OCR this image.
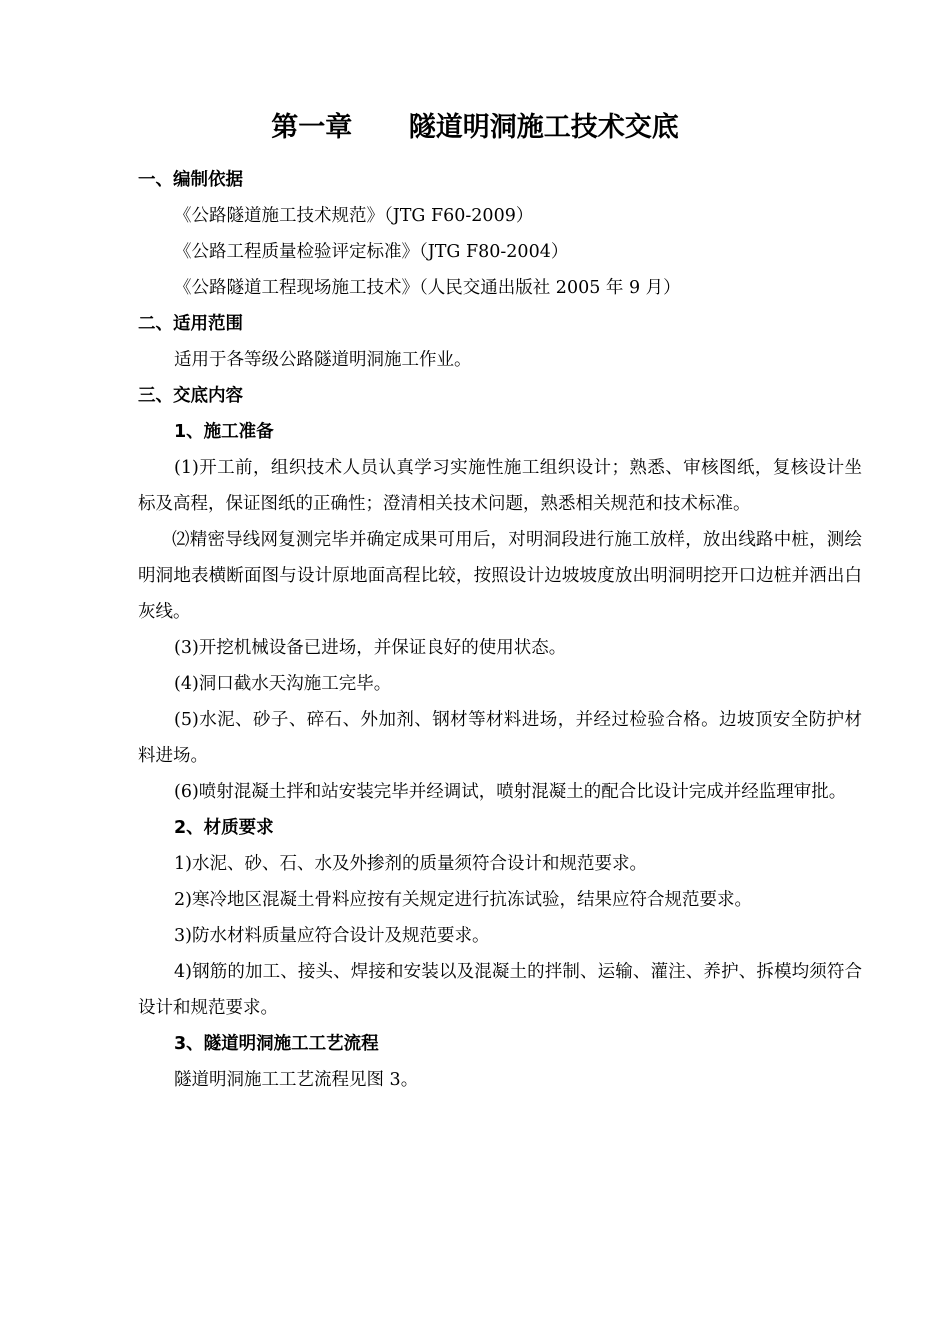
第一章      隧道明洞施工技术交底
一、编制依据
《公路隧道施工技术规范》（JTG F60-2009）
《公路工程质量检验评定标准》（JTG F80-2004）
《公路隧道工程现场施工技术》（人民交通出版社 2005 年 9 月）
二、适用范围
适用于各等级公路隧道明洞施工作业。
三、交底内容
1、施工准备
(1)开工前，组织技术人员认真学习实施性施工组织设计；熟悉、审核图纸，复核设计坐标及高程，保证图纸的正确性；澄清相关技术问题，熟悉相关规范和技术标准。
⑵精密导线网复测完毕并确定成果可用后，对明洞段进行施工放样，放出线路中桩，测绘明洞地表横断面图与设计原地面高程比较，按照设计边坡坡度放出明洞明挖开口边桩并洒出白灰线。
(3)开挖机械设备已进场，并保证良好的使用状态。
(4)洞口截水天沟施工完毕。
(5)水泥、砂子、碎石、外加剂、钢材等材料进场，并经过检验合格。边坡顶安全防护材料进场。
(6)喷射混凝土拌和站安装完毕并经调试，喷射混凝土的配合比设计完成并经监理审批。
2、材质要求
1)水泥、砂、石、水及外掺剂的质量须符合设计和规范要求。
2)寒冷地区混凝土骨料应按有关规定进行抗冻试验，结果应符合规范要求。
3)防水材料质量应符合设计及规范要求。
4)钢筋的加工、接头、焊接和安装以及混凝土的拌制、运输、灌注、养护、拆模均须符合设计和规范要求。
3、隧道明洞施工工艺流程
隧道明洞施工工艺流程见图 3。
